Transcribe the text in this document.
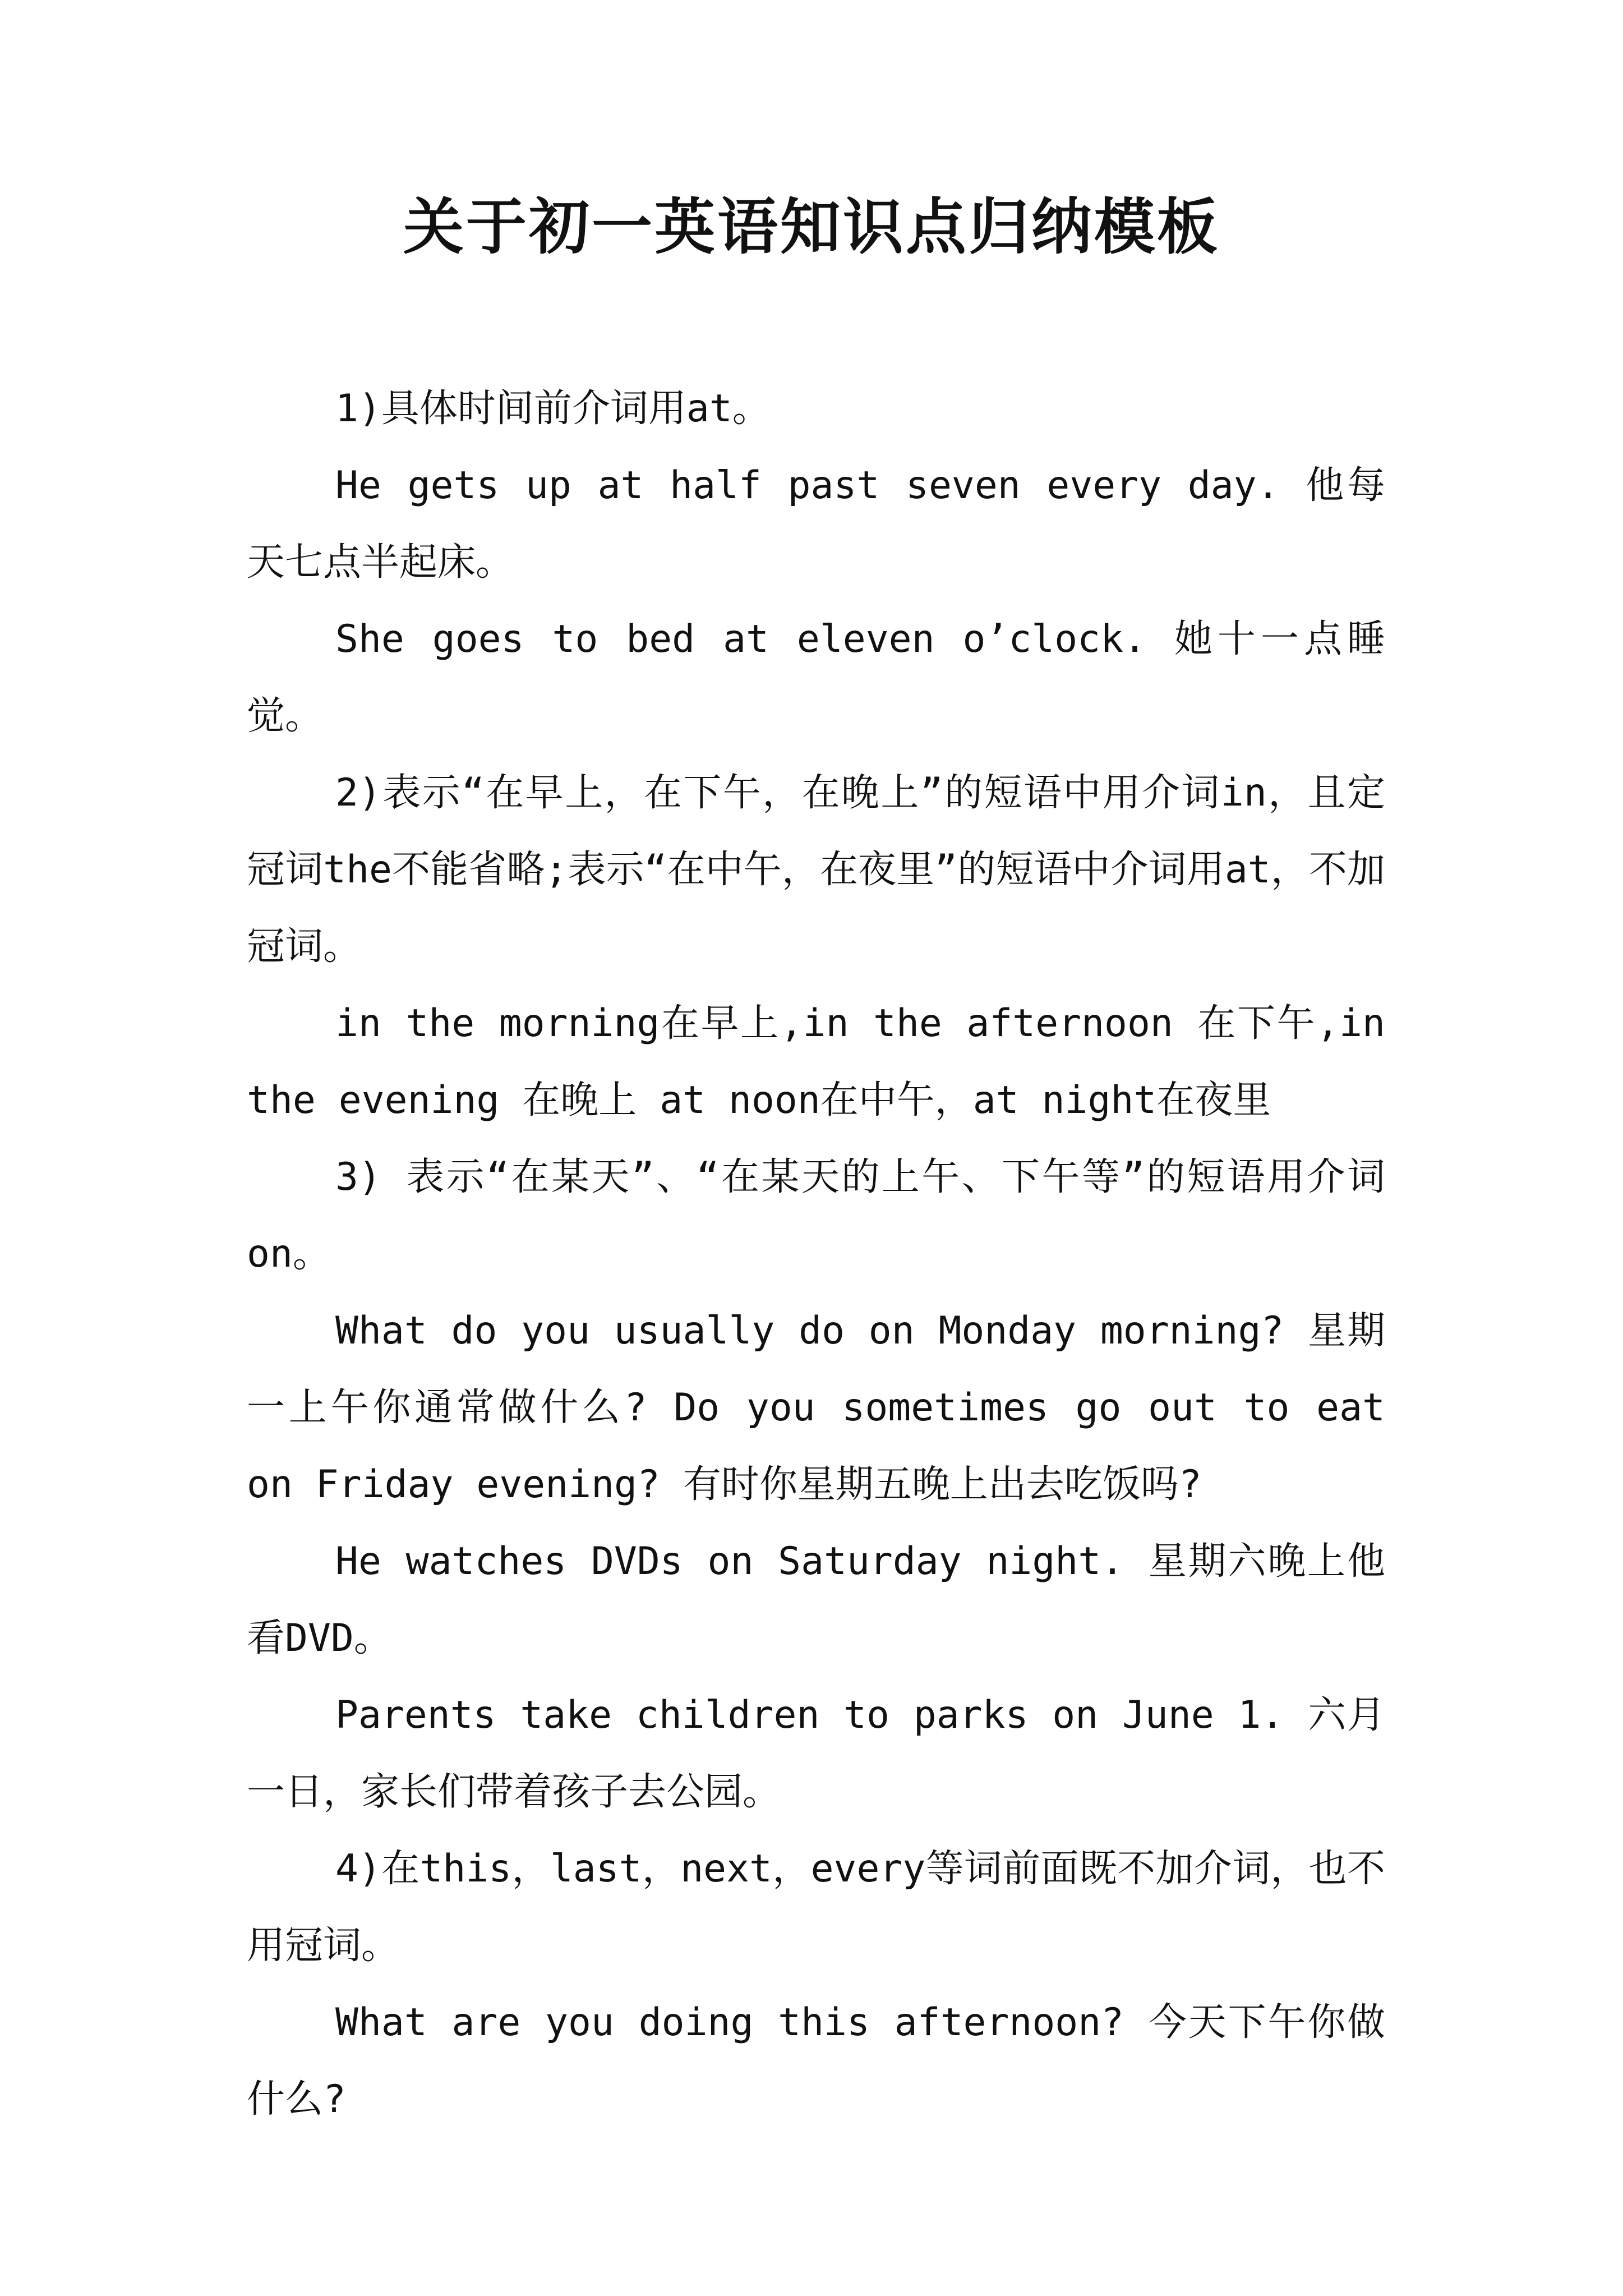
关于初一英语知识点归纳模板

1)具体时间前介词用at。

He gets up at half past seven every day. 他每天七点半起床。

She goes to bed at eleven o’clock. 她十一点睡觉。

2)表示“在早上，在下午，在晚上”的短语中用介词in，且定冠词the不能省略;表示“在中午，在夜里”的短语中介词用at，不加冠词。

in the morning在早上,in the afternoon 在下午,in the evening 在晚上 at noon在中午，at night在夜里

3) 表示“在某天”、“在某天的上午、下午等”的短语用介词on。

What do you usually do on Monday morning? 星期一上午你通常做什么? Do you sometimes go out to eat on Friday evening? 有时你星期五晚上出去吃饭吗?

He watches DVDs on Saturday night. 星期六晚上他看DVD。

Parents take children to parks on June 1. 六月一日，家长们带着孩子去公园。

4)在this，last，next，every等词前面既不加介词，也不用冠词。

What are you doing this afternoon? 今天下午你做什么?
